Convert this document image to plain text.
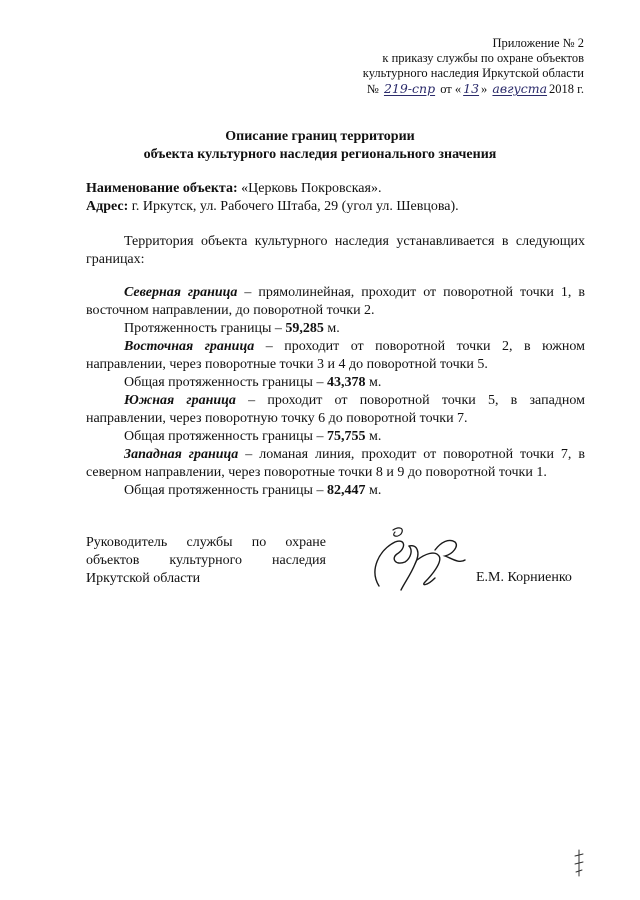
Приложение № 2
к приказу службы по охране объектов
культурного наследия Иркутской области
№ 219-спр от « 13 » августа 2018 г.
Описание границ территории
объекта культурного наследия регионального значения
Наименование объекта: «Церковь Покровская».
Адрес: г. Иркутск, ул. Рабочего Штаба, 29 (угол ул. Шевцова).
Территория объекта культурного наследия устанавливается в следующих границах:

Северная граница – прямолинейная, проходит от поворотной точки 1, в восточном направлении, до поворотной точки 2.

Протяженность границы – 59,285 м.

Восточная граница – проходит от поворотной точки 2, в южном направлении, через поворотные точки 3 и 4 до поворотной точки 5.

Общая протяженность границы – 43,378 м.

Южная граница – проходит от поворотной точки 5, в западном направлении, через поворотную точку 6 до поворотной точки 7.

Общая протяженность границы – 75,755 м.

Западная граница – ломаная линия, проходит от поворотной точки 7, в северном направлении, через поворотные точки 8 и 9 до поворотной точки 1.

Общая протяженность границы – 82,447 м.

Руководитель службы по охране
объектов культурного наследия
Иркутской области	Е.М. Корниенко
